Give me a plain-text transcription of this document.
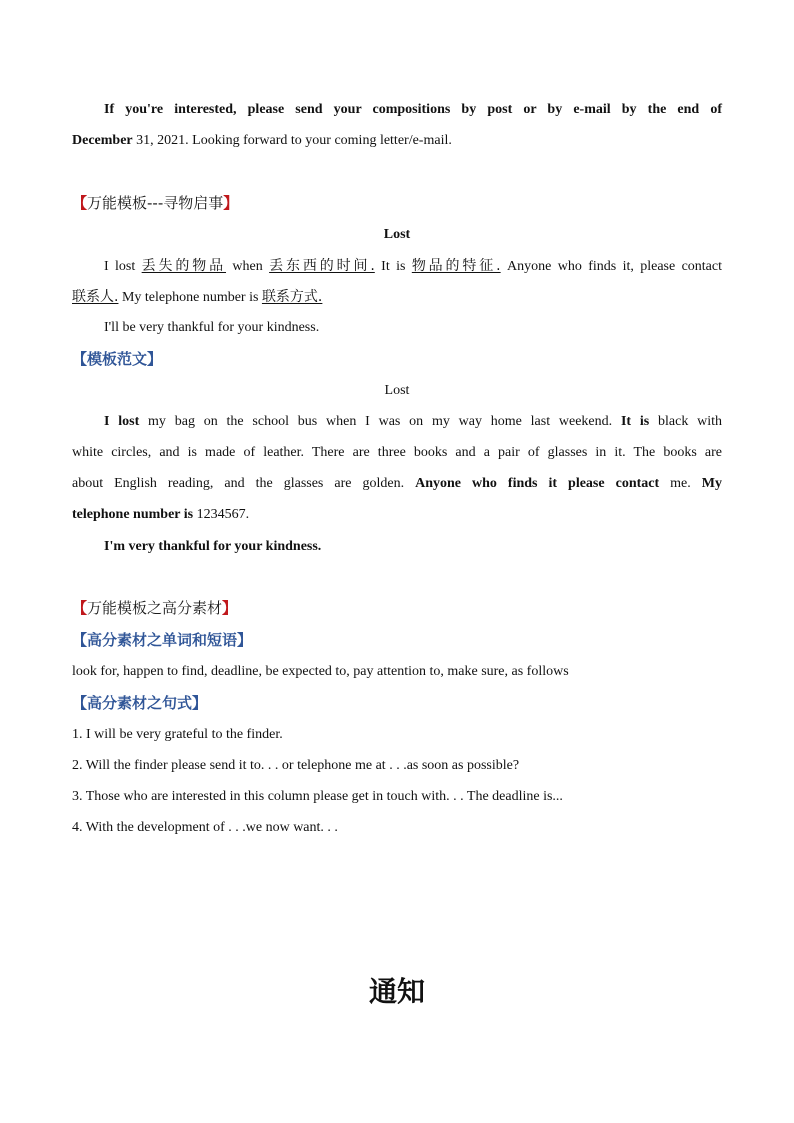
If you're interested, please send your compositions by post or by e-mail by the end of
December 31, 2021. Looking forward to your coming letter/e-mail.
【万能模板---寻物启事】
Lost
I lost 丢失的物品 when 丢东西的时间. It is 物品的特征. Anyone who finds it, please contact
联系人. My telephone number is 联系方式.
I'll be very thankful for your kindness.
【模板范文】
Lost
I lost my bag on the school bus when I was on my way home last weekend. It is black with
white circles, and is made of leather. There are three books and a pair of glasses in it. The books are
about English reading, and the glasses are golden. Anyone who finds it please contact me. My
telephone number is 1234567.
I'm very thankful for your kindness.
【万能模板之高分素材】
【高分素材之单词和短语】
look for, happen to find, deadline, be expected to, pay attention to, make sure, as follows
【高分素材之句式】
1. I will be very grateful to the finder.
2. Will the finder please send it to. . . or telephone me at . . .as soon as possible?
3. Those who are interested in this column please get in touch with. . . The deadline is...
4. With the development of . . .we now want. . .
通知
